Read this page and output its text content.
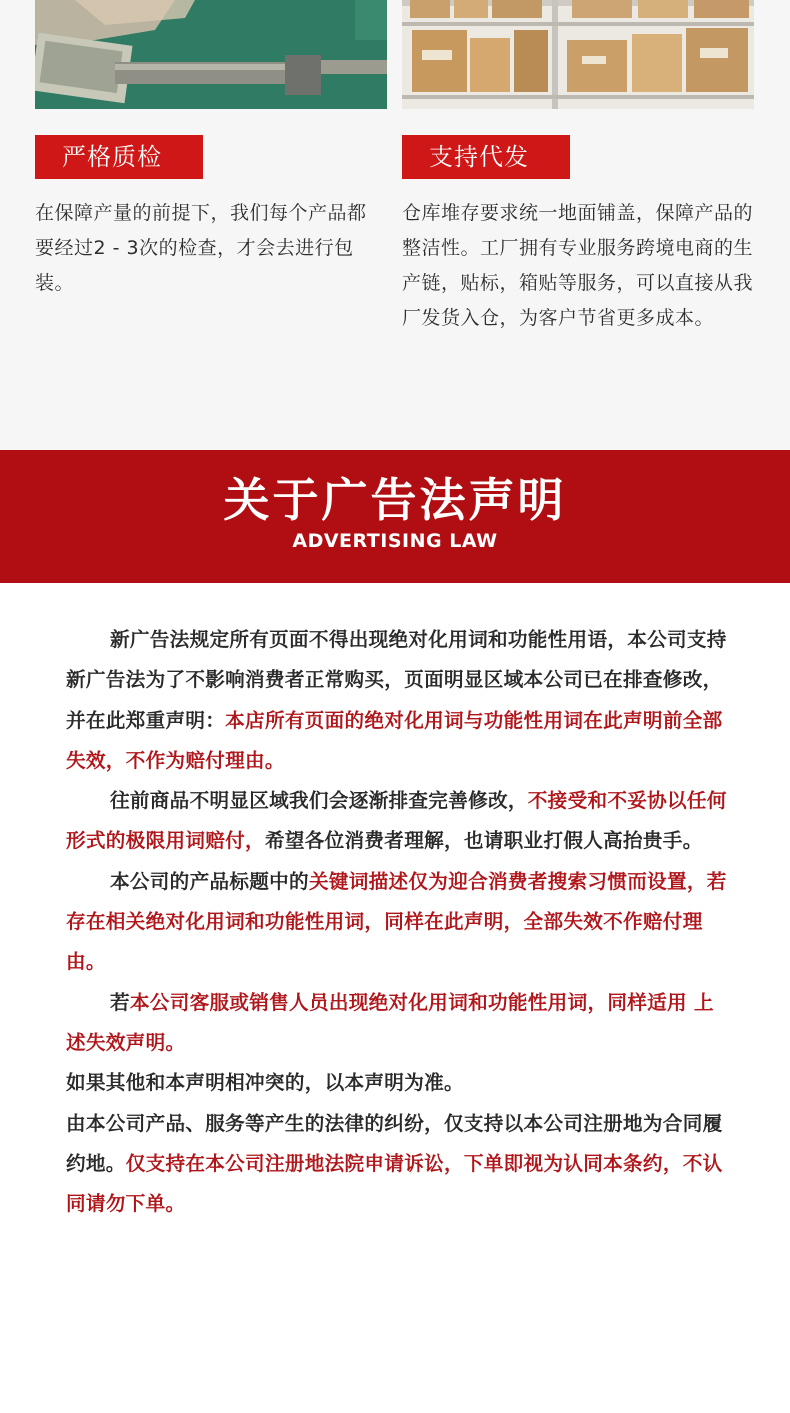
严格质检	支持代发
在保障产量的前提下，我们每个产品都要经过2 - 3次的检查，才会去进行包装。
仓库堆存要求统一地面铺盖，保障产品的整洁性。工厂拥有专业服务跨境电商的生产链，贴标，箱贴等服务，可以直接从我厂发货入仓，为客户节省更多成本。
关于广告法声明
ADVERTISING LAW

新广告法规定所有页面不得出现绝对化用词和功能性用语，本公司支持新广告法为了不影响消费者正常购买，页面明显区域本公司已在排查修改，并在此郑重声明：本店所有页面的绝对化用词与功能性用词在此声明前全部失效，不作为赔付理由。

往前商品不明显区域我们会逐渐排查完善修改，不接受和不妥协以任何形式的极限用词赔付，希望各位消费者理解，也请职业打假人高抬贵手。

本公司的产品标题中的关键词描述仅为迎合消费者搜索习惯而设置，若存在相关绝对化用词和功能性用词，同样在此声明，全部失效不作赔付理由。

若本公司客服或销售人员出现绝对化用词和功能性用词，同样适用 上述失效声明。

如果其他和本声明相冲突的，以本声明为准。

由本公司产品、服务等产生的法律的纠纷，仅支持以本公司注册地为合同履约地。仅支持在本公司注册地法院申请诉讼，下单即视为认同本条约，不认同请勿下单。
